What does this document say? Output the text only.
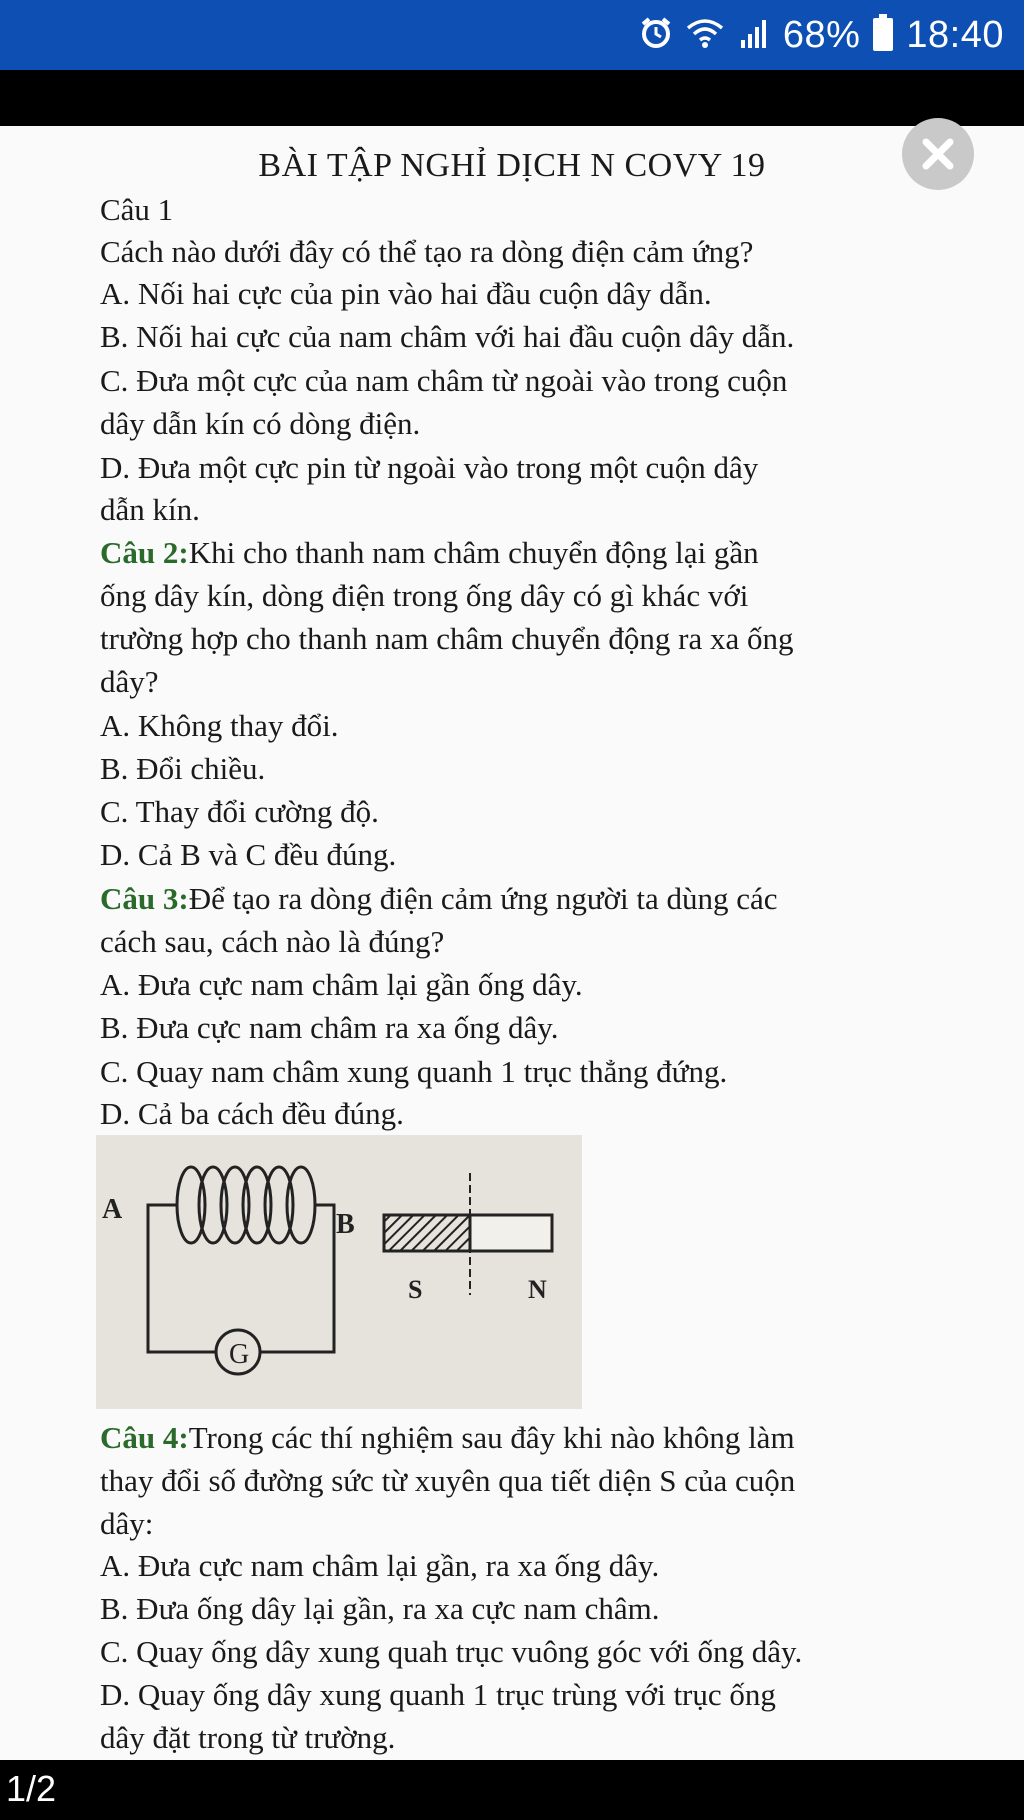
68% 18:40
BÀI TẬP NGHỈ DỊCH N COVY 19
Câu 1
Cách nào dưới đây có thể tạo ra dòng điện cảm ứng?
A. Nối hai cực của pin vào hai đầu cuộn dây dẫn.
B. Nối hai cực của nam châm với hai đầu cuộn dây dẫn.
C. Đưa một cực của nam châm từ ngoài vào trong cuộn
dây dẫn kín có dòng điện.
D. Đưa một cực pin từ ngoài vào trong một cuộn dây
dẫn kín.
Câu 2:Khi cho thanh nam châm chuyển động lại gần
ống dây kín, dòng điện trong ống dây có gì khác với
trường hợp cho thanh nam châm chuyển động ra xa ống
dây?
A. Không thay đổi.
B. Đổi chiều.
C. Thay đổi cường độ.
D. Cả B và C đều đúng.
Câu 3:Để tạo ra dòng điện cảm ứng người ta dùng các
cách sau, cách nào là đúng?
A. Đưa cực nam châm lại gần ống dây.
B. Đưa cực nam châm ra xa ống dây.
C. Quay nam châm xung quanh 1 trục thẳng đứng.
D. Cả ba cách đều đúng.
G
A	B
S	N
Câu 4:Trong các thí nghiệm sau đây khi nào không làm
thay đổi số đường sức từ xuyên qua tiết diện S của cuộn
dây:
A. Đưa cực nam châm lại gần, ra xa ống dây.
B. Đưa ống dây lại gần, ra xa cực nam châm.
C. Quay ống dây xung quah trục vuông góc với ống dây.
D. Quay ống dây xung quanh 1 trục trùng với trục ống
dây đặt trong từ trường.
1/2
